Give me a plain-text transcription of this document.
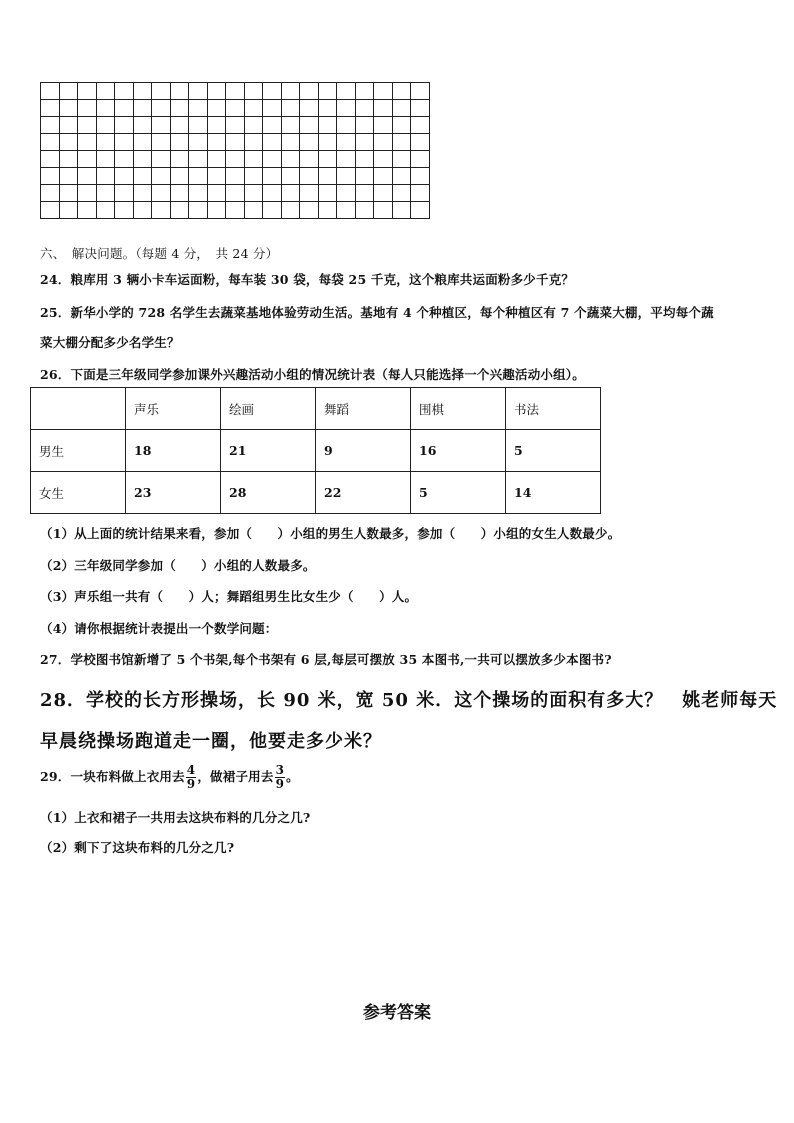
六、　解决问题。（每题 4 分，　共 24 分）
24．粮库用 3 辆小卡车运面粉，每车装 30 袋，每袋 25 千克，这个粮库共运面粉多少千克？
25．新华小学的 728 名学生去蔬菜基地体验劳动生活。基地有 4 个种植区，每个种植区有 7 个蔬菜大棚，平均每个蔬
菜大棚分配多少名学生？
26．下面是三年级同学参加课外兴趣活动小组的情况统计表（每人只能选择一个兴趣活动小组）。
	声乐	绘画	舞蹈	围棋	书法
男生	18	21	9	16	5
女生	23	28	22	5	14
（1）从上面的统计结果来看，参加（　　）小组的男生人数最多，参加（　　）小组的女生人数最少。
（2）三年级同学参加（　　）小组的人数最多。
（3）声乐组一共有（　　）人；舞蹈组男生比女生少（　　）人。
（4）请你根据统计表提出一个数学问题：
27．学校图书馆新增了 5 个书架,每个书架有 6 层,每层可摆放 35 本图书,一共可以摆放多少本图书?
28．学校的长方形操场，长 90 米，宽 50 米．这个操场的面积有多大？　姚老师每天
早晨绕操场跑道走一圈，他要走多少米？
29．一块布料做上衣用去 $\frac{4}{9}$ ，做裙子用去 $\frac{3}{9}$ 。
（1）上衣和裙子一共用去这块布料的几分之几?
（2）剩下了这块布料的几分之几?
参考答案
